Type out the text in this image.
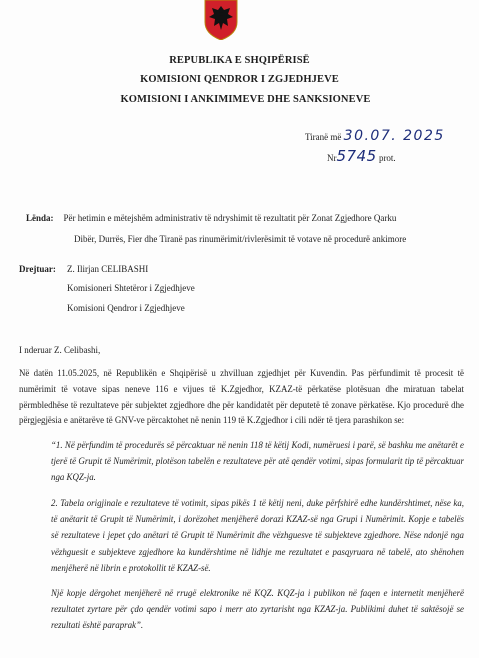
REPUBLIKA E SHQIPËRISË
KOMISIONI QENDROR I ZGJEDHJEVE
KOMISIONI I ANKIMIMEVE DHE SANKSIONEVE
Tiranë më 30.07. 2025
Nr5745 prot.
Lënda: Për hetimin e mëtejshëm administrativ të ndryshimit të rezultatit për Zonat Zgjedhore Qarku
Dibër, Durrës, Fier dhe Tiranë pas rinumërimit/rivlerësimit të votave në procedurë ankimore
Drejtuar: Z. Ilirjan CELIBASHI
Komisioneri Shtetëror i Zgjedhjeve
Komisioni Qendror i Zgjedhjeve
I nderuar Z. Celibashi,

Në datën 11.05.2025, në Republikën e Shqipërisë u zhvilluan zgjedhjet për Kuvendin. Pas përfundimit të procesit të numërimit të votave sipas neneve 116 e vijues të K.Zgjedhor, KZAZ-të përkatëse plotësuan dhe miratuan tabelat përmbledhëse të rezultateve për subjektet zgjedhore dhe për kandidatët për deputetë të zonave përkatëse. Kjo procedurë dhe përgjegjësia e anëtarëve të GNV-ve përcaktohet në nenin 119 të K.Zgjedhor i cili ndër të tjera parashikon se:

“1. Në përfundim të procedurës së përcaktuar në nenin 118 të këtij Kodi, numëruesi i parë, së bashku me anëtarët e tjerë të Grupit të Numërimit, plotëson tabelën e rezultateve për atë qendër votimi, sipas formularit tip të përcaktuar nga KQZ-ja.

2. Tabela origjinale e rezultateve të votimit, sipas pikës 1 të këtij neni, duke përfshirë edhe kundërshtimet, nëse ka, të anëtarit të Grupit të Numërimit, i dorëzohet menjëherë dorazi KZAZ-së nga Grupi i Numërimit. Kopje e tabelës së rezultateve i jepet çdo anëtari të Grupit të Numërimit dhe vëzhguesve të subjekteve zgjedhore. Nëse ndonjë nga vëzhguesit e subjekteve zgjedhore ka kundërshtime në lidhje me rezultatet e pasqyruara në tabelë, ato shënohen menjëherë në librin e protokollit të KZAZ-së.

Një kopje dërgohet menjëherë në rrugë elektronike në KQZ. KQZ-ja i publikon në faqen e internetit menjëherë rezultatet zyrtare për çdo qendër votimi sapo i merr ato zyrtarisht nga KZAZ-ja. Publikimi duhet të saktësojë se rezultati është paraprak”.
